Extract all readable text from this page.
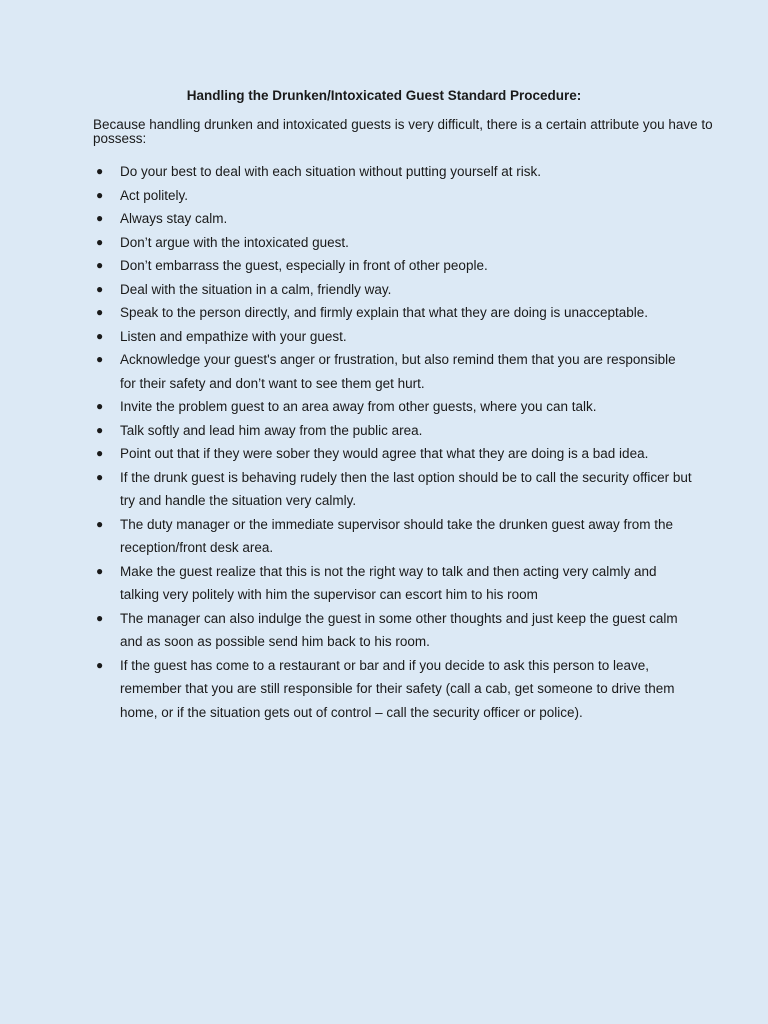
Handling the Drunken/Intoxicated Guest Standard Procedure:
Because handling drunken and intoxicated guests is very difficult, there is a certain attribute you have to possess:
● Do your best to deal with each situation without putting yourself at risk.
● Act politely.
● Always stay calm.
● Don’t argue with the intoxicated guest.
● Don’t embarrass the guest, especially in front of other people.
● Deal with the situation in a calm, friendly way.
● Speak to the person directly, and firmly explain that what they are doing is unacceptable.
● Listen and empathize with your guest.
● Acknowledge your guest's anger or frustration, but also remind them that you are responsible for their safety and don’t want to see them get hurt.
● Invite the problem guest to an area away from other guests, where you can talk.
● Talk softly and lead him away from the public area.
● Point out that if they were sober they would agree that what they are doing is a bad idea.
● If the drunk guest is behaving rudely then the last option should be to call the security officer but try and handle the situation very calmly.
● The duty manager or the immediate supervisor should take the drunken guest away from the reception/front desk area.
● Make the guest realize that this is not the right way to talk and then acting very calmly and talking very politely with him the supervisor can escort him to his room
● The manager can also indulge the guest in some other thoughts and just keep the guest calm and as soon as possible send him back to his room.
● If the guest has come to a restaurant or bar and if you decide to ask this person to leave, remember that you are still responsible for their safety (call a cab, get someone to drive them home, or if the situation gets out of control – call the security officer or police).
